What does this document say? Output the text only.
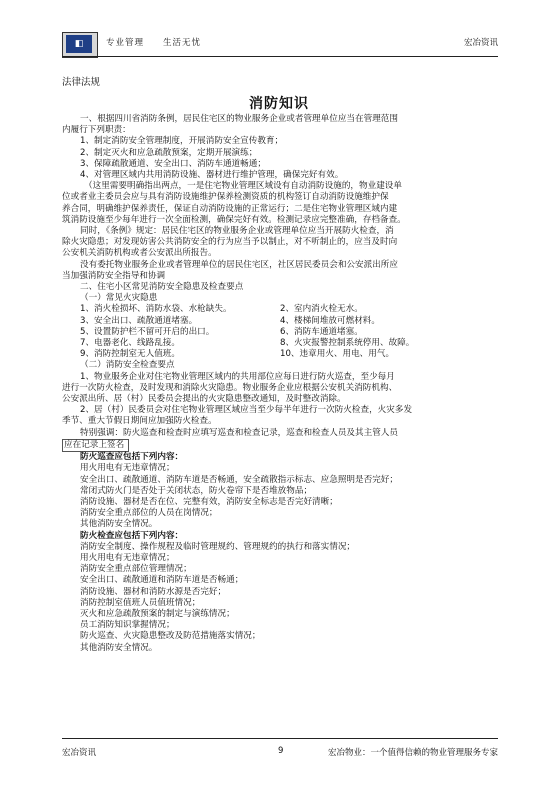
◧	专业管理　　生活无忧	宏冶资讯
法律法规
消防知识

一、根据四川省消防条例，居民住宅区的物业服务企业或者管理单位应当在管理范围

内履行下列职责：

1、制定消防安全管理制度，开展消防安全宣传教育；

2、制定灭火和应急疏散预案，定期开展演练；

3、保障疏散通道、安全出口、消防车通道畅通；

4、对管理区域内共用消防设施、器材进行维护管理，确保完好有效。

（这里需要明确指出两点，一是住宅物业管理区域设有自动消防设施的，物业建设单

位或者业主委员会应与具有消防设施维护保养检测资质的机构签订自动消防设施维护保

养合同，明确维护保养责任，保证自动消防设施的正常运行；二是住宅物业管理区域内建

筑消防设施至少每年进行一次全面检测，确保完好有效。检测记录应完整准确，存档备查。

同时，《条例》规定：居民住宅区的物业服务企业或管理单位应当开展防火检查，消

除火灾隐患；对发现妨害公共消防安全的行为应当予以制止，对不听制止的，应当及时向

公安机关消防机构或者公安派出所报告。

没有委托物业服务企业或者管理单位的居民住宅区，社区居民委员会和公安派出所应

当加强消防安全指导和协调

二、住宅小区常见消防安全隐患及检查要点

（一）常见火灾隐患

1、消火栓损坏、消防水袋、水枪缺失。	2、室内消火栓无水。
3、安全出口、疏散通道堵塞。	4、楼梯间堆放可燃材料。
5、设置防护栏不留可开启的出口。	6、消防车通道堵塞。
7、电器老化、线路乱接。	8、火灾报警控制系统停用、故障。
9、消防控制室无人值班。	10、违章用火、用电、用气。

（二）消防安全检查要点

1、物业服务企业对住宅物业管理区域内的共用部位应每日进行防火巡查，至少每月

进行一次防火检查，及时发现和消除火灾隐患。物业服务企业应根据公安机关消防机构、

公安派出所、居（村）民委员会提出的火灾隐患整改通知，及时整改消除。

2、居（村）民委员会对住宅物业管理区域应当至少每半年进行一次防火检查，火灾多发

季节、重大节假日期间应加强防火检查。

特别强调：防火巡查和检查时应填写巡查和检查记录，巡查和检查人员及其主管人员

应在记录上签名

防火巡查应包括下列内容：

用火用电有无违章情况；

安全出口、疏散通道、消防车道是否畅通，安全疏散指示标志、应急照明是否完好；

常闭式防火门是否处于关闭状态，防火卷帘下是否堆放物品；

消防设施、器材是否在位、完整有效，消防安全标志是否完好清晰；

消防安全重点部位的人员在岗情况；

其他消防安全情况。

防火检查应包括下列内容：

消防安全制度、操作规程及临时管理规约、管理规约的执行和落实情况；

用火用电有无违章情况；

消防安全重点部位管理情况；

安全出口、疏散通道和消防车道是否畅通；

消防设施、器材和消防水源是否完好；

消防控制室值班人员值班情况；

灭火和应急疏散预案的制定与演练情况；

员工消防知识掌握情况；

防火巡查、火灾隐患整改及防范措施落实情况；

其他消防安全情况。

宏冶资讯	9	宏冶物业：一个值得信赖的物业管理服务专家
